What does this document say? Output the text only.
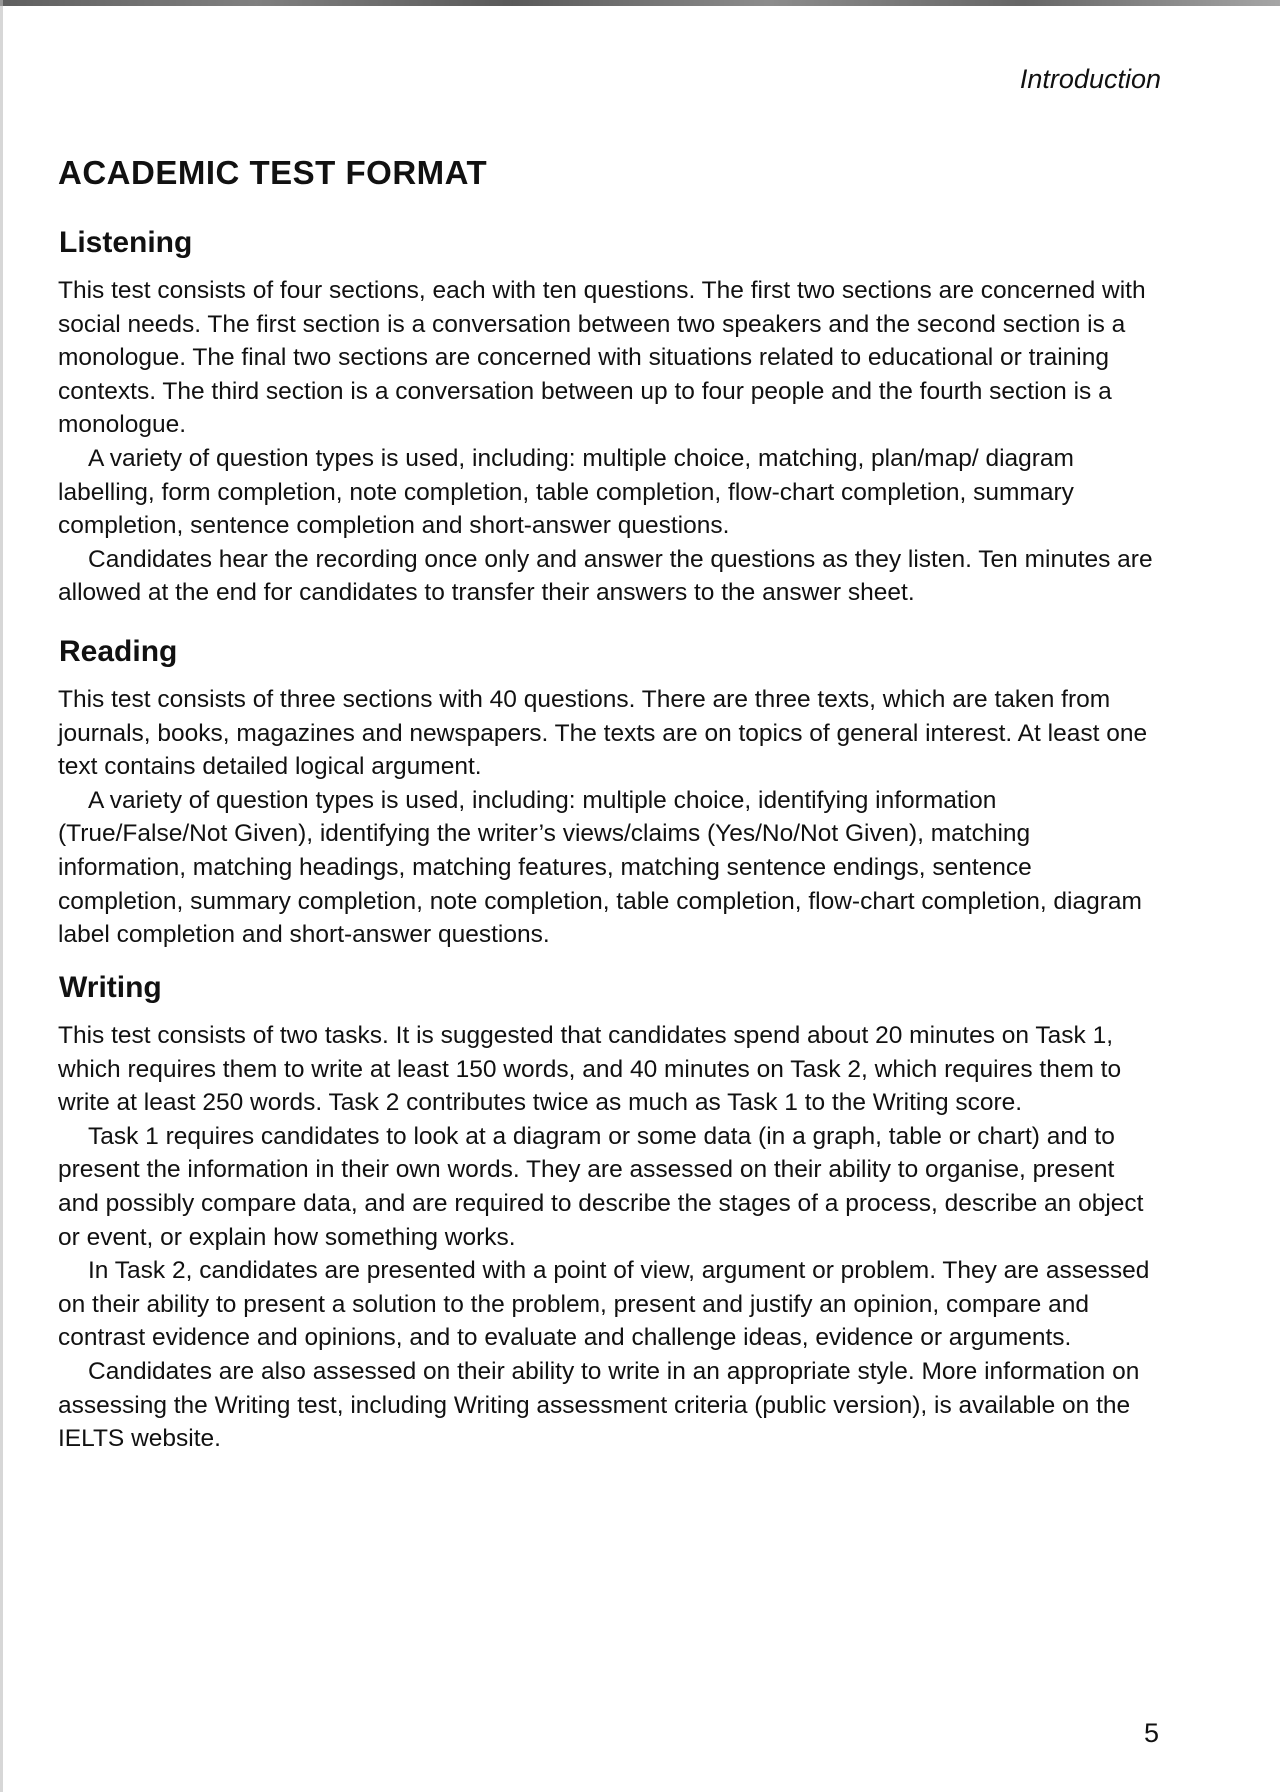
Introduction

ACADEMIC TEST FORMAT
Listening

This test consists of four sections, each with ten questions. The first two sections are concerned with social needs. The first section is a conversation between two speakers and the second section is a monologue. The final two sections are concerned with situations related to educational or training contexts. The third section is a conversation between up to four people and the fourth section is a monologue.

A variety of question types is used, including: multiple choice, matching, plan/map/ diagram labelling, form completion, note completion, table completion, flow-chart completion, summary completion, sentence completion and short-answer questions.

Candidates hear the recording once only and answer the questions as they listen. Ten minutes are allowed at the end for candidates to transfer their answers to the answer sheet.

Reading

This test consists of three sections with 40 questions. There are three texts, which are taken from journals, books, magazines and newspapers. The texts are on topics of general interest. At least one text contains detailed logical argument.

A variety of question types is used, including: multiple choice, identifying information (True/False/Not Given), identifying the writer’s views/claims (Yes/No/Not Given), matching information, matching headings, matching features, matching sentence endings, sentence completion, summary completion, note completion, table completion, flow-chart completion, diagram label completion and short-answer questions.

Writing

This test consists of two tasks. It is suggested that candidates spend about 20 minutes on Task 1, which requires them to write at least 150 words, and 40 minutes on Task 2, which requires them to write at least 250 words. Task 2 contributes twice as much as Task 1 to the Writing score.

Task 1 requires candidates to look at a diagram or some data (in a graph, table or chart) and to present the information in their own words. They are assessed on their ability to organise, present and possibly compare data, and are required to describe the stages of a process, describe an object or event, or explain how something works.

In Task 2, candidates are presented with a point of view, argument or problem. They are assessed on their ability to present a solution to the problem, present and justify an opinion, compare and contrast evidence and opinions, and to evaluate and challenge ideas, evidence or arguments.

Candidates are also assessed on their ability to write in an appropriate style. More information on assessing the Writing test, including Writing assessment criteria (public version), is available on the IELTS website.

5
